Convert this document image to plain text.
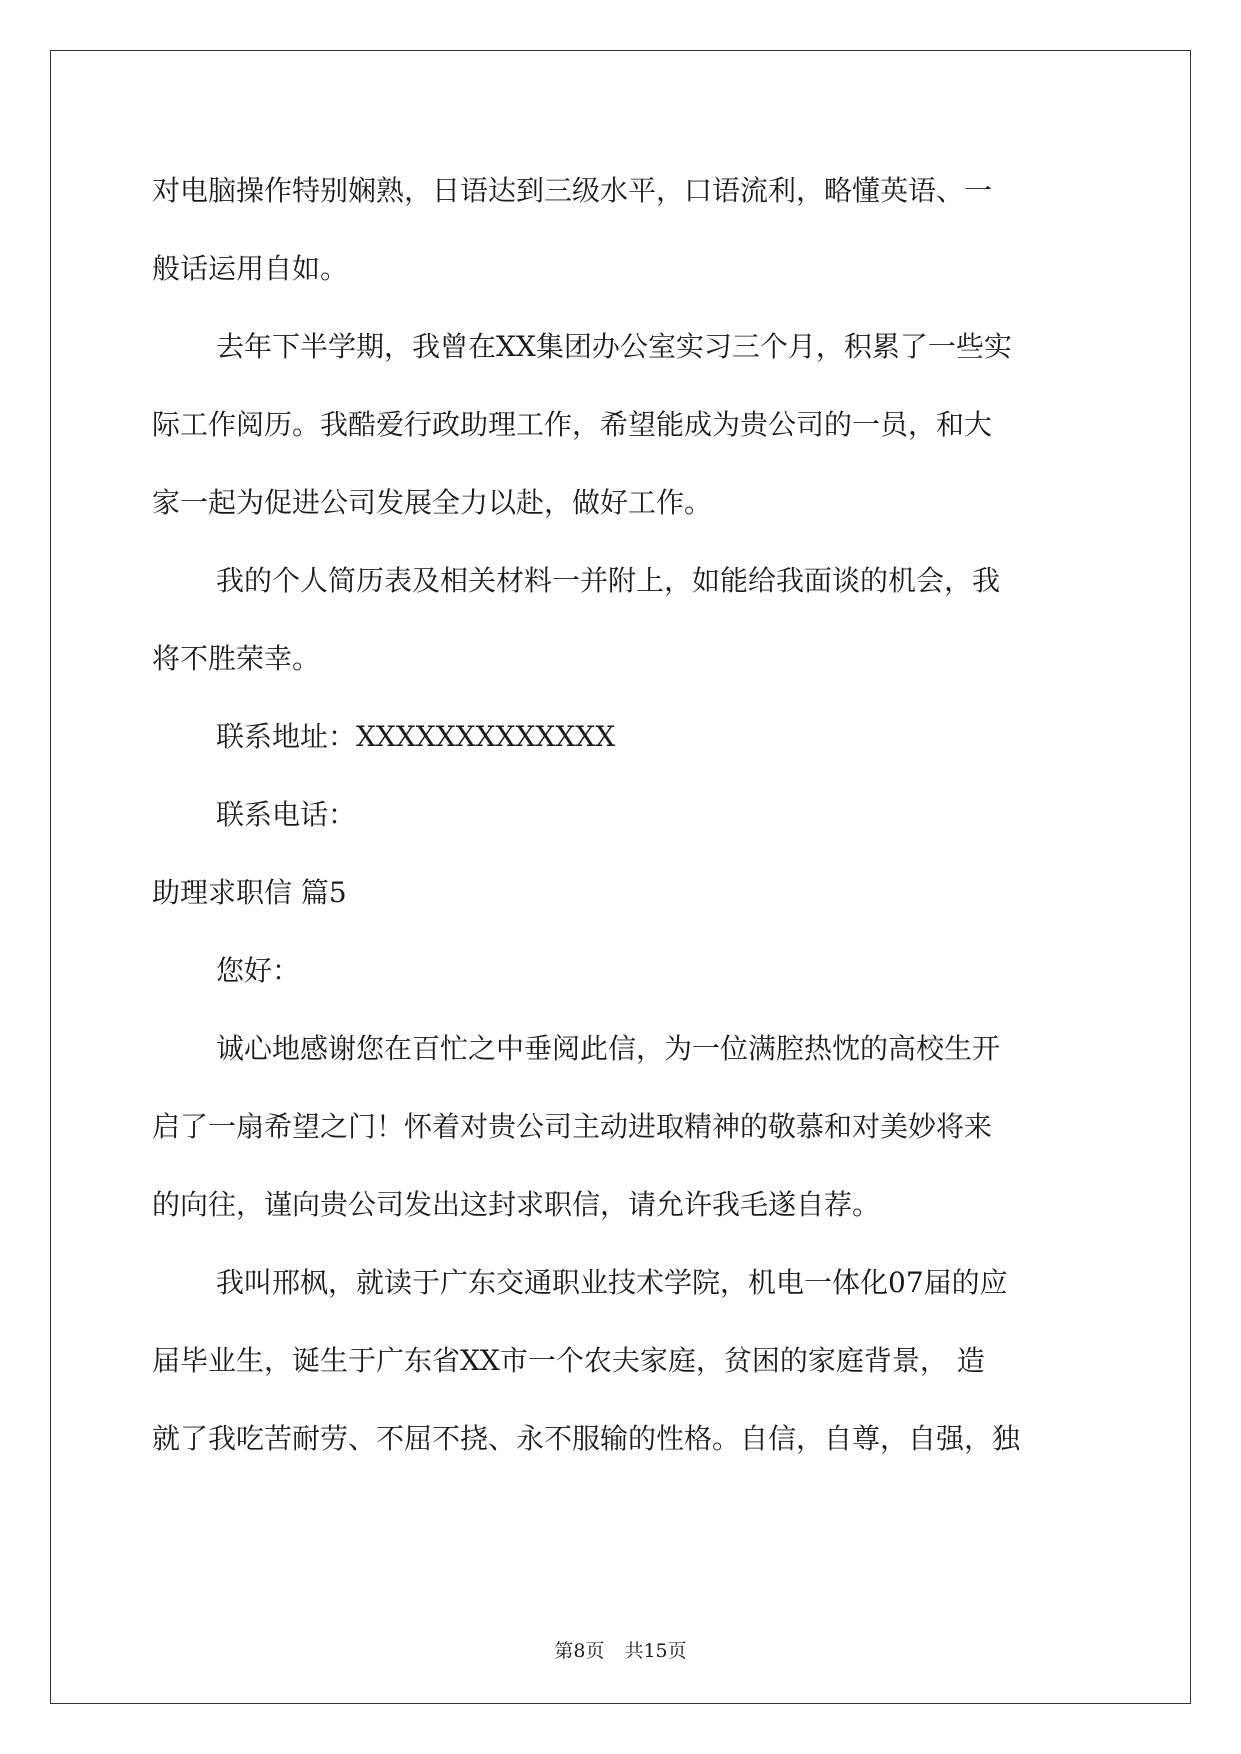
对电脑操作特别娴熟，日语达到三级水平，口语流利，略懂英语、一
般话运用自如。
去年下半学期，我曾在XX集团办公室实习三个月，积累了一些实
际工作阅历。我酷爱行政助理工作，希望能成为贵公司的一员，和大
家一起为促进公司发展全力以赴，做好工作。
我的个人简历表及相关材料一并附上，如能给我面谈的机会，我
将不胜荣幸。
联系地址：XXXXXXXXXXXXX
联系电话：
助理求职信 篇5
您好：
诚心地感谢您在百忙之中垂阅此信，为一位满腔热忱的高校生开
启了一扇希望之门！怀着对贵公司主动进取精神的敬慕和对美妙将来
的向往，谨向贵公司发出这封求职信，请允许我毛遂自荐。
我叫邢枫，就读于广东交通职业技术学院，机电一体化07届的应
届毕业生，诞生于广东省XX市一个农夫家庭，贫困的家庭背景， 造
就了我吃苦耐劳、不屈不挠、永不服输的性格。自信，自尊，自强，独
第8页 共15页
